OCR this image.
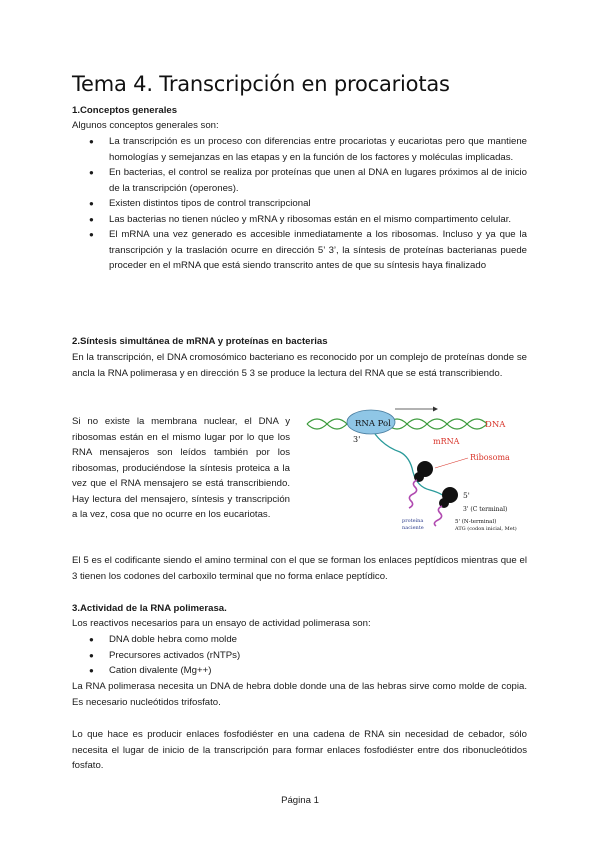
Tema 4. Transcripción en procariotas
1.Conceptos generales
Algunos conceptos generales son:
● La transcripción es un proceso con diferencias entre procariotas y eucariotas pero que mantiene homologías y semejanzas en las etapas y en la función de los factores y moléculas implicadas.
● En bacterias, el control se realiza por proteínas que unen al DNA en lugares próximos al de inicio de la transcripción (operones).
● Existen distintos tipos de control transcripcional
● Las bacterias no tienen núcleo y mRNA y ribosomas están en el mismo compartimento celular.
● El mRNA una vez generado es accesible inmediatamente a los ribosomas. Incluso y ya que la transcripción y la traslación ocurre en dirección 5’ 3’, la síntesis de proteínas bacterianas puede proceder en el mRNA que está siendo transcrito antes de que su síntesis haya finalizado
2.Síntesis simultánea de mRNA y proteínas en bacterias
En la transcripción, el DNA cromosómico bacteriano es reconocido por un complejo de proteínas donde se ancla la RNA polimerasa y en dirección 5 3 se produce la lectura del RNA que se está transcribiendo.
Si no existe la membrana nuclear, el DNA y ribosomas están en el mismo lugar por lo que los RNA mensajeros son leídos también por los ribosomas, produciéndose la síntesis proteica a la vez que el RNA mensajero se está transcribiendo. Hay lectura del mensajero, síntesis y transcripción a la vez, cosa que no ocurre en los eucariotas.
RNA Pol
3'
DNA
mRNA
Ribosoma
5'
3' (C terminal)
5' (N-terminal)
ATG (codon inicial, Met)
proteína
naciente
El 5 es el codificante siendo el amino terminal con el que se forman los enlaces peptídicos mientras que el 3 tienen los codones del carboxilo terminal que no forma enlace peptídico.
3.Actividad de la RNA polimerasa.
Los reactivos necesarios para un ensayo de actividad polimerasa son:
● DNA doble hebra como molde
● Precursores activados (rNTPs)
● Cation divalente (Mg++)
La RNA polimerasa necesita un DNA de hebra doble donde una de las hebras sirve como molde de copia. Es necesario nucleótidos trifosfato.
Lo que hace es producir enlaces fosfodiéster en una cadena de RNA sin necesidad de cebador, sólo necesita el lugar de inicio de la transcripción para formar enlaces fosfodiéster entre dos ribonucleótidos fosfato.
Página 1
